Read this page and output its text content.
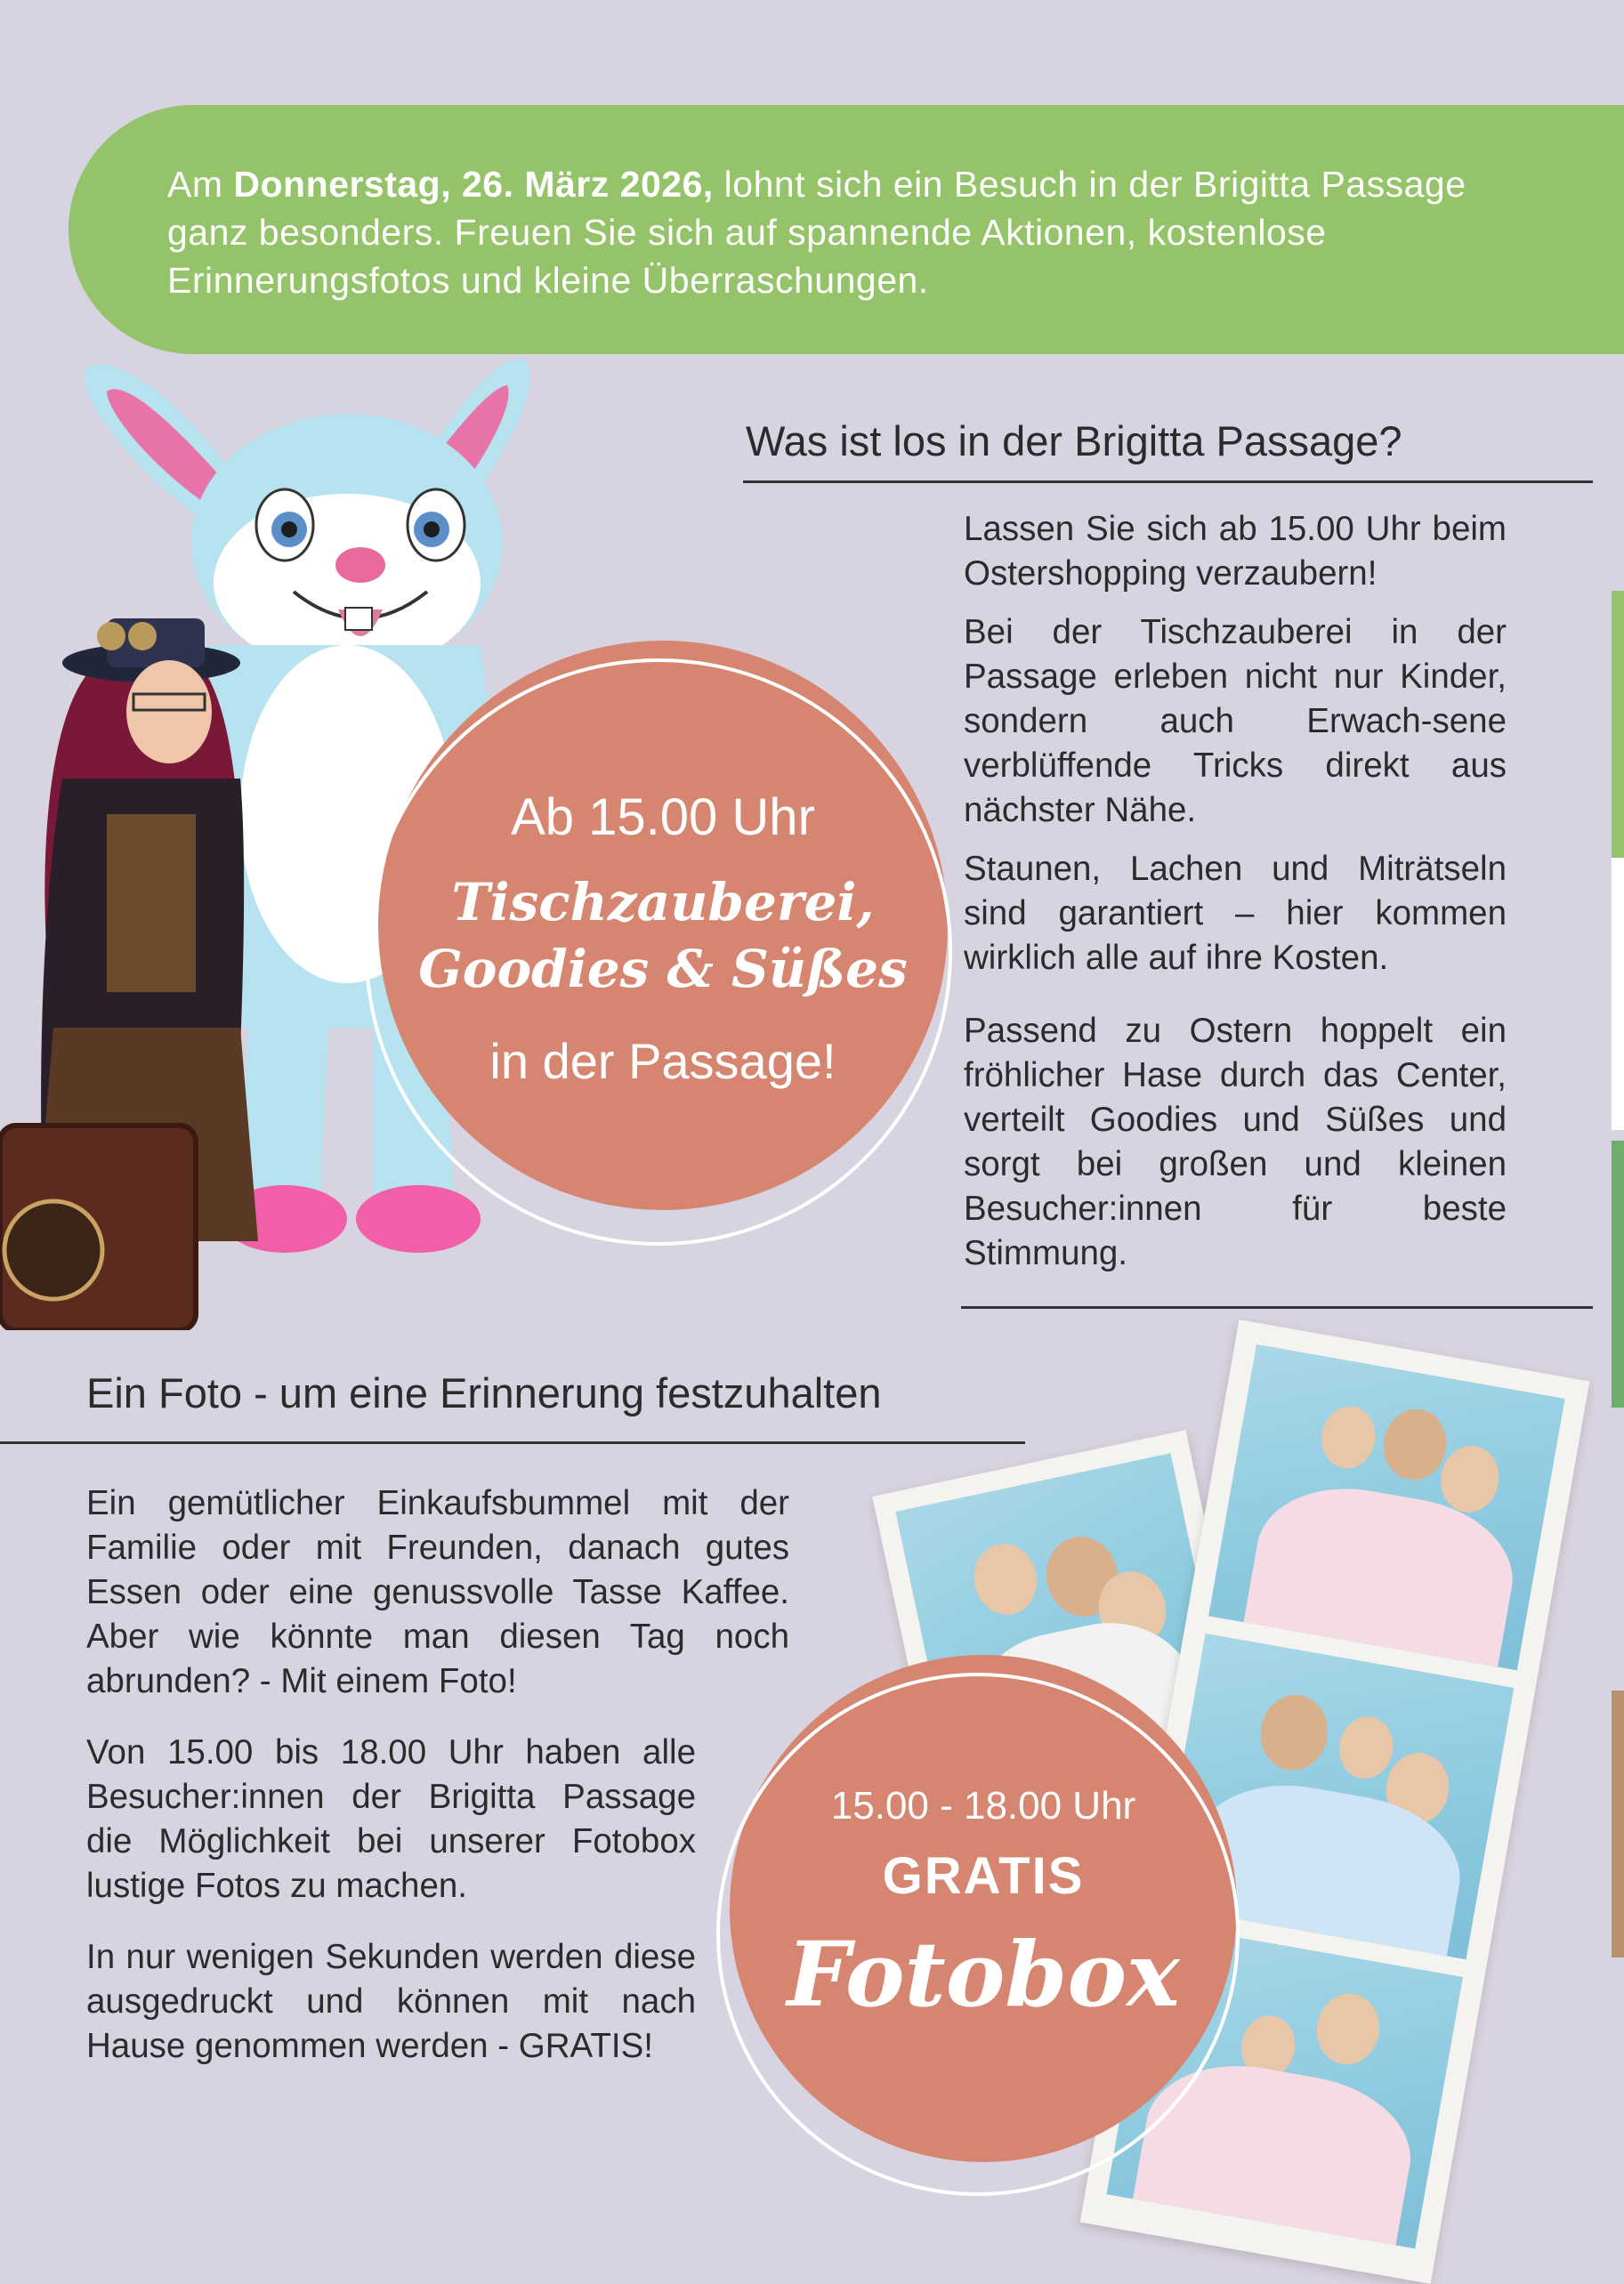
Am Donnerstag, 26. März 2026, lohnt sich ein Besuch in der Brigitta Passage ganz besonders. Freuen Sie sich auf spannende Aktionen, kostenlose Erinnerungsfotos und kleine Überraschungen.

Ab 15.00 Uhr

Tischzauberei,

Goodies & Süßes

in der Passage!

Was ist los in der Brigitta Passage?

Lassen Sie sich ab 15.00 Uhr beim Ostershopping verzaubern!

Bei der Tischzauberei in der Passage erleben nicht nur Kinder, sondern auch Erwach-sene verblüffende Tricks direkt aus nächster Nähe.

Staunen, Lachen und Miträtseln sind garantiert – hier kommen wirklich alle auf ihre Kosten.

Passend zu Ostern hoppelt ein fröhlicher Hase durch das Center, verteilt Goodies und Süßes und sorgt bei großen und kleinen Besucher:innen für beste Stimmung.

Ein Foto - um eine Erinnerung festzuhalten

Ein gemütlicher Einkaufsbummel mit der Familie oder mit Freunden, danach gutes Essen oder eine genussvolle Tasse Kaffee. Aber wie könnte man diesen Tag noch abrunden? - Mit einem Foto!

Von 15.00 bis 18.00 Uhr haben alle Besucher:innen der Brigitta Passage die Möglichkeit bei unserer Fotobox lustige Fotos zu machen.

In nur wenigen Sekunden werden diese ausgedruckt und können mit nach Hause genommen werden - GRATIS!

15.00 - 18.00 Uhr

GRATIS

Fotobox
